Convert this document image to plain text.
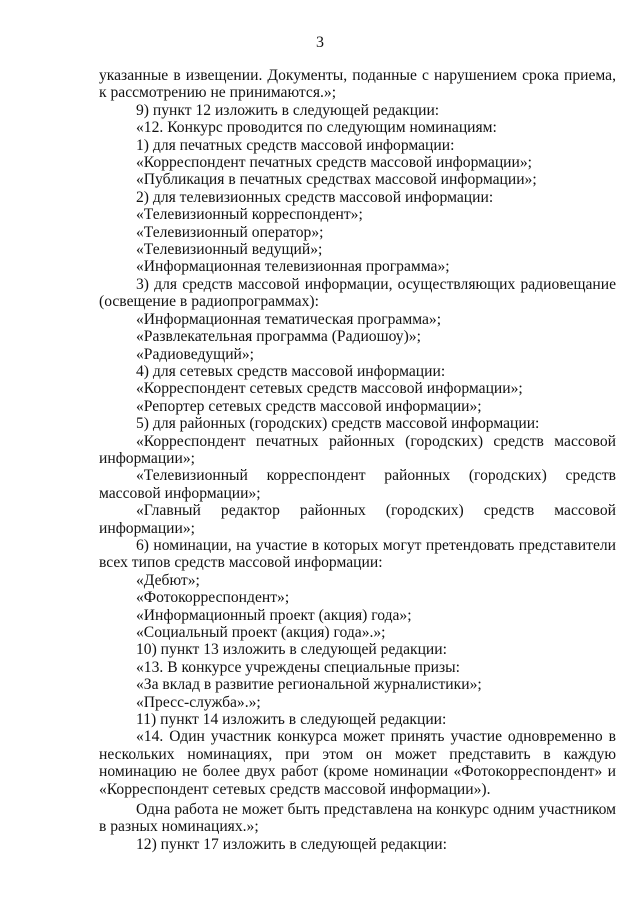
3

указанные в извещении. Документы, поданные с нарушением срока приема, к рассмотрению не принимаются.»;

9) пункт 12 изложить в следующей редакции:

«12. Конкурс проводится по следующим номинациям:

1) для печатных средств массовой информации:

«Корреспондент печатных средств массовой информации»;

«Публикация в печатных средствах массовой информации»;

2) для телевизионных средств массовой информации:

«Телевизионный корреспондент»;

«Телевизионный оператор»;

«Телевизионный ведущий»;

«Информационная телевизионная программа»;

3) для средств массовой информации, осуществляющих радиовещание (освещение в радиопрограммах):

«Информационная тематическая программа»;

«Развлекательная программа (Радиошоу)»;

«Радиоведущий»;

4) для сетевых средств массовой информации:

«Корреспондент сетевых средств массовой информации»;

«Репортер сетевых средств массовой информации»;

5) для районных (городских) средств массовой информации:

«Корреспондент печатных районных (городских) средств массовой информации»;

«Телевизионный корреспондент районных (городских) средств массовой информации»;

«Главный редактор районных (городских) средств массовой информации»;

6) номинации, на участие в которых могут претендовать представители всех типов средств массовой информации:

«Дебют»;

«Фотокорреспондент»;

«Информационный проект (акция) года»;

«Социальный проект (акция) года».»;

10) пункт 13 изложить в следующей редакции:

«13. В конкурсе учреждены специальные призы:

«За вклад в развитие региональной журналистики»;

«Пресс-служба».»;

11) пункт 14 изложить в следующей редакции:

«14. Один участник конкурса может принять участие одновременно в нескольких номинациях, при этом он может представить в каждую номинацию не более двух работ (кроме номинации «Фотокорреспондент» и «Корреспондент сетевых средств массовой информации»).

Одна работа не может быть представлена на конкурс одним участником в разных номинациях.»;

12) пункт 17 изложить в следующей редакции:
